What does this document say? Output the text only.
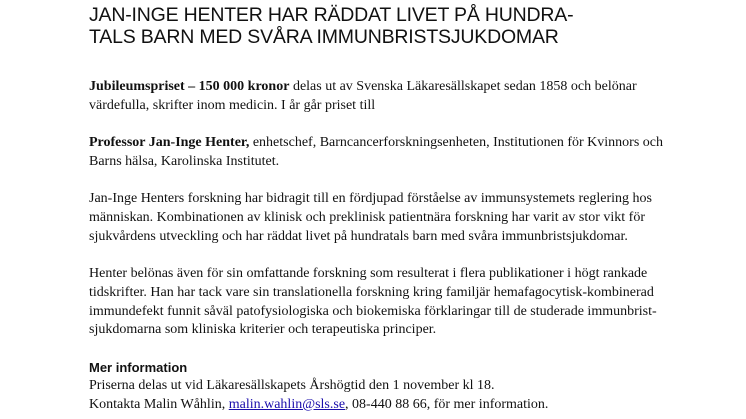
JAN-INGE HENTER HAR RÄDDAT LIVET PÅ HUNDRA-
TALS BARN MED SVÅRA IMMUNBRISTSJUKDOMAR

Jubileumspriset – 150 000 kronor delas ut av Svenska Läkaresällskapet sedan 1858 och belönar
värdefulla, skrifter inom medicin. I år går priset till

Professor Jan-Inge Henter, enhetschef, Barncancerforskningsenheten, Institutionen för Kvinnors och
Barns hälsa, Karolinska Institutet.

Jan-Inge Henters forskning har bidragit till en fördjupad förståelse av immunsystemets reglering hos
människan. Kombinationen av klinisk och preklinisk patientnära forskning har varit av stor vikt för
sjukvårdens utveckling och har räddat livet på hundratals barn med svåra immunbristsjukdomar.

Henter belönas även för sin omfattande forskning som resulterat i flera publikationer i högt rankade
tidskrifter. Han har tack vare sin translationella forskning kring familjär hemafagocytisk-kombinerad
immundefekt funnit såväl patofysiologiska och biokemiska förklaringar till de studerade immunbrist-
sjukdomarna som kliniska kriterier och terapeutiska principer.

Mer information

Priserna delas ut vid Läkaresällskapets Årshögtid den 1 november kl 18.
Kontakta Malin Wåhlin, malin.wahlin@sls.se, 08-440 88 66, för mer information.
